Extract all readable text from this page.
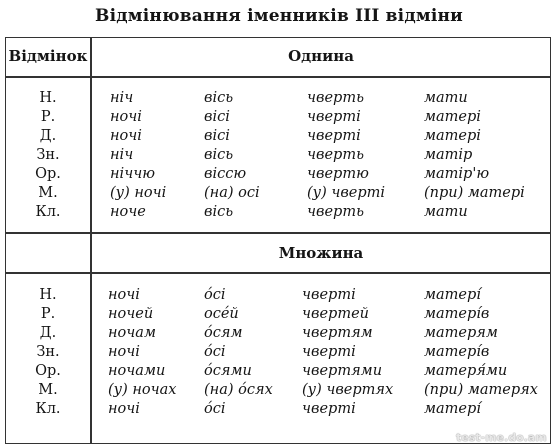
Відмінювання іменників III відміни
Відмінок	Однина
Множина
Н.
Р.
Д.
Зн.
Ор.
М.
Кл.
ніч
ночі
ночі
ніч
ніччю
(у) ночі
ноче
вісь
вісі
вісі
вісь
віссю
(на) осі
вісь
чверть
чверті
чверті
чверть
чвертю
(у) чверті
чверть
мати
матері
матері
матір
матір'ю
(при) матері
мати
Н.
Р.
Д.
Зн.
Ор.
М.
Кл.
ночі
ночей
ночам
ночі
ночами
(у) ночах
ночі
óсі
осéй
óсям
óсі
óсями
(на) óсях
óсі
чверті
чвертей
чвертям
чверті
чвертями
(у) чвертях
чверті
матері́
матерíв
матерям
матерíв
матеря́ми
(при) матерях
матері́
test-me.do.am
